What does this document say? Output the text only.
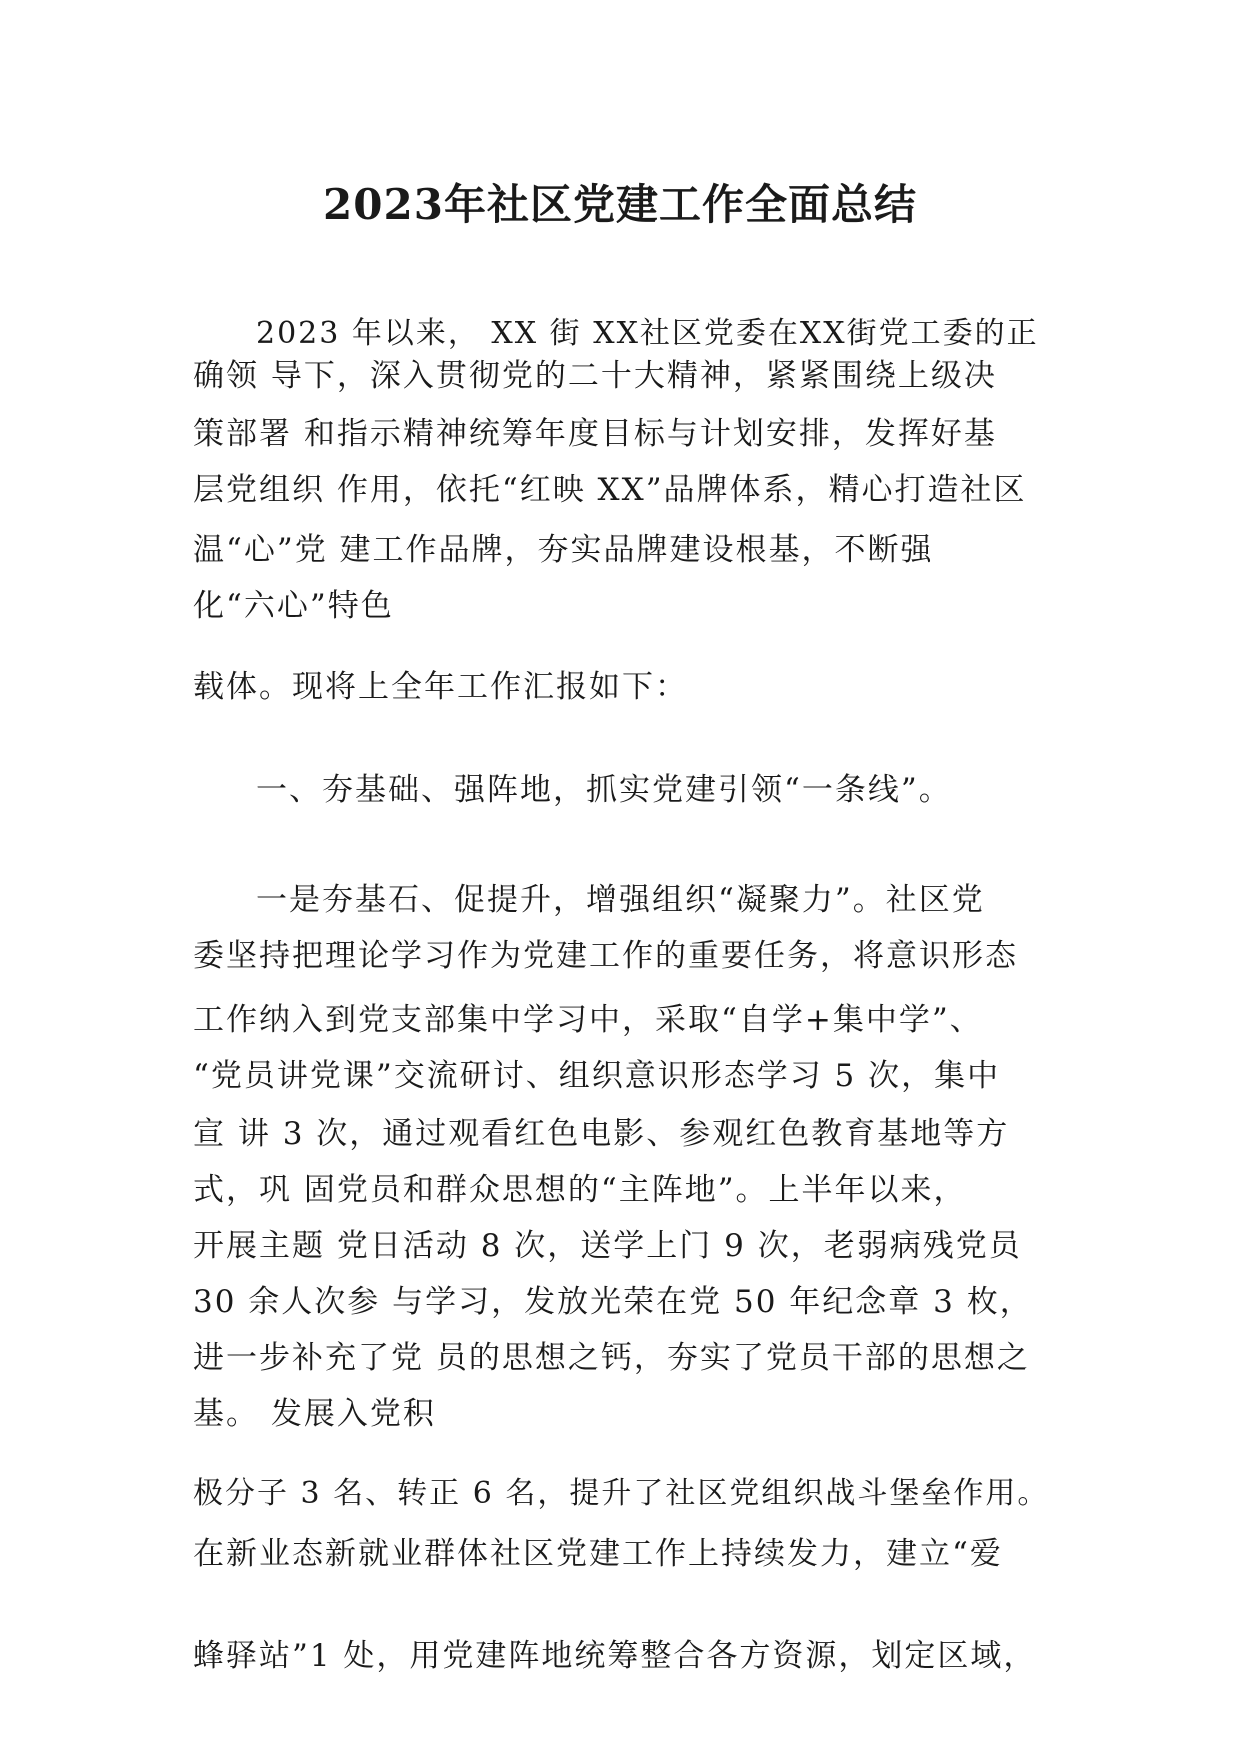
2023年社区党建工作全面总结

2023 年以来， XX 街 XX社区党委在XX街党工委的正

确领 导下，深入贯彻党的二十大精神，紧紧围绕上级决

策部署 和指示精神统筹年度目标与计划安排，发挥好基

层党组织 作用，依托“红映 XX”品牌体系，精心打造社区

温“心”党 建工作品牌，夯实品牌建设根基，不断强

化“六心”特色

载体。现将上全年工作汇报如下：

一、夯基础、强阵地，抓实党建引领“一条线”。

一是夯基石、促提升，增强组织“凝聚力”。社区党

委坚持把理论学习作为党建工作的重要任务，将意识形态

工作纳入到党支部集中学习中，采取“自学+集中学”、

“党员讲党课”交流研讨、组织意识形态学习 5 次，集中

宣 讲 3 次，通过观看红色电影、参观红色教育基地等方

式，巩 固党员和群众思想的“主阵地”。上半年以来，

开展主题 党日活动 8 次，送学上门 9 次，老弱病残党员

30 余人次参 与学习，发放光荣在党 50 年纪念章 3 枚，

进一步补充了党 员的思想之钙，夯实了党员干部的思想之

基。 发展入党积

极分子 3 名、转正 6 名，提升了社区党组织战斗堡垒作用。

在新业态新就业群体社区党建工作上持续发力，建立“爱

蜂驿站”1 处，用党建阵地统筹整合各方资源，划定区域，
